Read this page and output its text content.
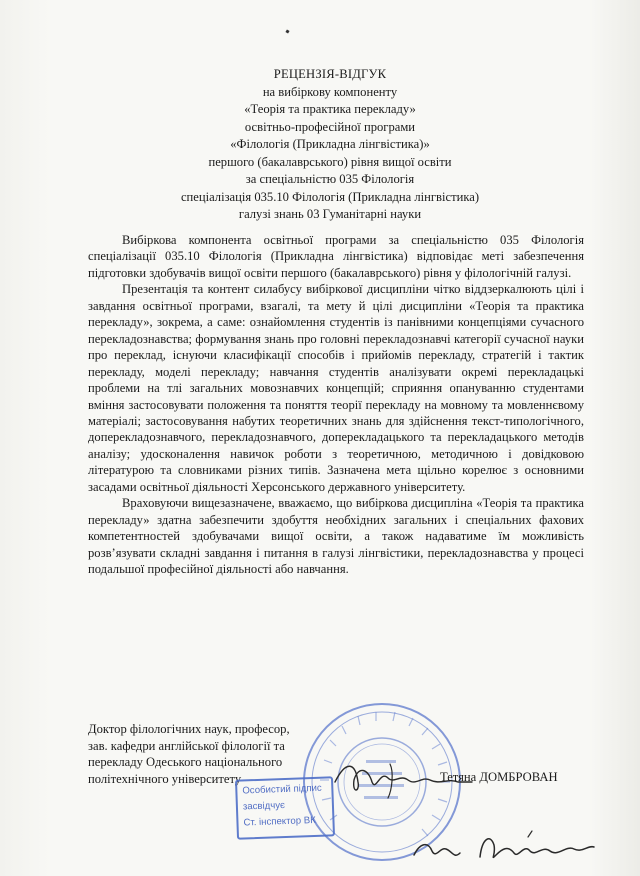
РЕЦЕНЗІЯ-ВІДГУК
на вибіркову компоненту
«Теорія та практика перекладу»
освітньо-професійної програми
«Філологія (Прикладна лінгвістика)»
першого (бакалаврського) рівня вищої освіти
за спеціальністю 035 Філологія
спеціалізація 035.10 Філологія (Прикладна лінгвістика)
галузі знань 03 Гуманітарні науки

Вибіркова компонента освітньої програми за спеціальністю 035 Філологія спеціалізації 035.10 Філологія (Прикладна лінгвістика) відповідає меті забезпечення підготовки здобувачів вищої освіти першого (бакалаврського) рівня у філологічній галузі.

Презентація та контент силабусу вибіркової дисципліни чітко віддзеркалюють цілі і завдання освітньої програми, взагалі, та мету й цілі дисципліни «Теорія та практика перекладу», зокрема, а саме: ознайомлення студентів із панівними концепціями сучасного перекладознавства; формування знань про головні перекладознавчі категорії сучасної науки про переклад, існуючи класифікації способів і прийомів перекладу, стратегій і тактик перекладу, моделі перекладу; навчання студентів аналізувати окремі перекладацькі проблеми на тлі загальних мовознавчих концепцій; сприяння опануванню студентами вміння застосовувати положення та поняття теорії перекладу на мовному та мовленнєвому матеріалі; застосовування набутих теоретичних знань для здійснення текст-типологічного, доперекладознавчого, перекладознавчого, доперекладацького та перекладацького методів аналізу; удосконалення навичок роботи з теоретичною, методичною і довідковою літературою та словниками різних типів. Зазначена мета щільно корелює з основними засадами освітньої діяльності Херсонського державного університету.

Враховуючи вищезазначене, вважаємо, що вибіркова дисципліна «Теорія та практика перекладу» здатна забезпечити здобуття необхідних загальних і спеціальних фахових компетентностей здобувачами вищої освіти, а також надаватиме їм можливість розв’язувати складні завдання і питання в галузі лінгвістики, перекладознавства у процесі подальшої професійної діяльності або навчання.

Доктор філологічних наук, професор,
зав. кафедри англійської філології та
перекладу Одеського національного
політехнічного університету
Особистий підпис
засвідчує
Ст. інспектор ВК
Тетяна ДОМБРОВАН
